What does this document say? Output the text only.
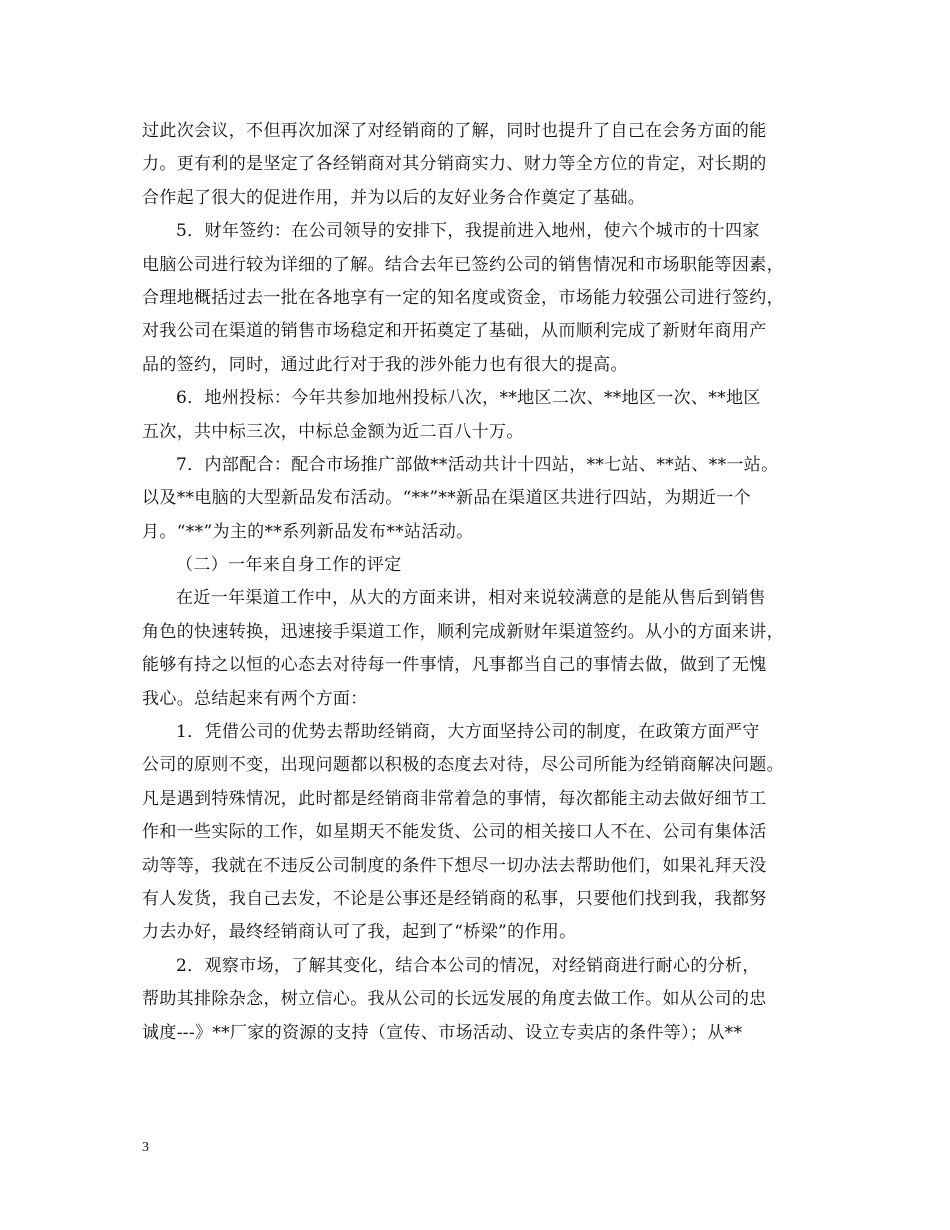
过此次会议，不但再次加深了对经销商的了解，同时也提升了自己在会务方面的能
力。更有利的是坚定了各经销商对其分销商实力、财力等全方位的肯定，对长期的
合作起了很大的促进作用，并为以后的友好业务合作奠定了基础。
5．财年签约：在公司领导的安排下，我提前进入地州，使六个城市的十四家
电脑公司进行较为详细的了解。结合去年已签约公司的销售情况和市场职能等因素，
合理地概括过去一批在各地享有一定的知名度或资金，市场能力较强公司进行签约，
对我公司在渠道的销售市场稳定和开拓奠定了基础，从而顺利完成了新财年商用产
品的签约，同时，通过此行对于我的涉外能力也有很大的提高。
6．地州投标：今年共参加地州投标八次，**地区二次、**地区一次、**地区
五次，共中标三次，中标总金额为近二百八十万。
7．内部配合：配合市场推广部做**活动共计十四站，**七站、**站、**一站。
以及**电脑的大型新品发布活动。“**”**新品在渠道区共进行四站，为期近一个
月。“**”为主的**系列新品发布**站活动。
（二）一年来自身工作的评定
在近一年渠道工作中，从大的方面来讲，相对来说较满意的是能从售后到销售
角色的快速转换，迅速接手渠道工作，顺利完成新财年渠道签约。从小的方面来讲，
能够有持之以恒的心态去对待每一件事情，凡事都当自己的事情去做，做到了无愧
我心。总结起来有两个方面：
1．凭借公司的优势去帮助经销商，大方面坚持公司的制度，在政策方面严守
公司的原则不变，出现问题都以积极的态度去对待，尽公司所能为经销商解决问题。
凡是遇到特殊情况，此时都是经销商非常着急的事情，每次都能主动去做好细节工
作和一些实际的工作，如星期天不能发货、公司的相关接口人不在、公司有集体活
动等等，我就在不违反公司制度的条件下想尽一切办法去帮助他们，如果礼拜天没
有人发货，我自己去发，不论是公事还是经销商的私事，只要他们找到我，我都努
力去办好，最终经销商认可了我，起到了“桥梁”的作用。
2．观察市场，了解其变化，结合本公司的情况，对经销商进行耐心的分析，
帮助其排除杂念，树立信心。我从公司的长远发展的角度去做工作。如从公司的忠
诚度---》**厂家的资源的支持（宣传、市场活动、设立专卖店的条件等）；从**
3
